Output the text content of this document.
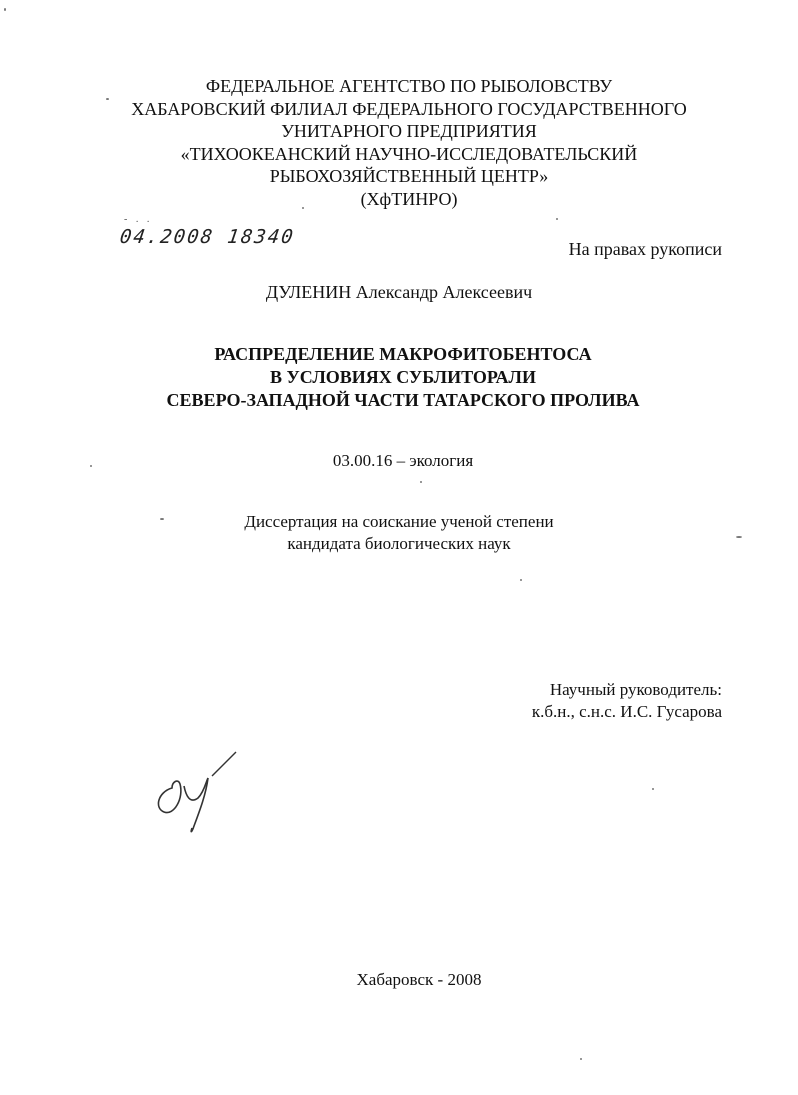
ФЕДЕРАЛЬНОЕ АГЕНТСТВО ПО РЫБОЛОВСТВУ
ХАБАРОВСКИЙ ФИЛИАЛ ФЕДЕРАЛЬНОГО ГОСУДАРСТВЕННОГО
УНИТАРНОГО ПРЕДПРИЯТИЯ
«ТИХООКЕАНСКИЙ НАУЧНО-ИССЛЕДОВАТЕЛЬСКИЙ
РЫБОХОЗЯЙСТВЕННЫЙ ЦЕНТР»
(ХфТИНРО)
- . .
04.2008 18340
На правах рукописи
ДУЛЕНИН Александр Алексеевич
РАСПРЕДЕЛЕНИЕ МАКРОФИТОБЕНТОСА
В УСЛОВИЯХ СУБЛИТОРАЛИ
СЕВЕРО-ЗАПАДНОЙ ЧАСТИ ТАТАРСКОГО ПРОЛИВА
03.00.16 – экология
Диссертация на соискание ученой степени
кандидата биологических наук
Научный руководитель:
к.б.н., с.н.с. И.С. Гусарова
Хабаровск - 2008
